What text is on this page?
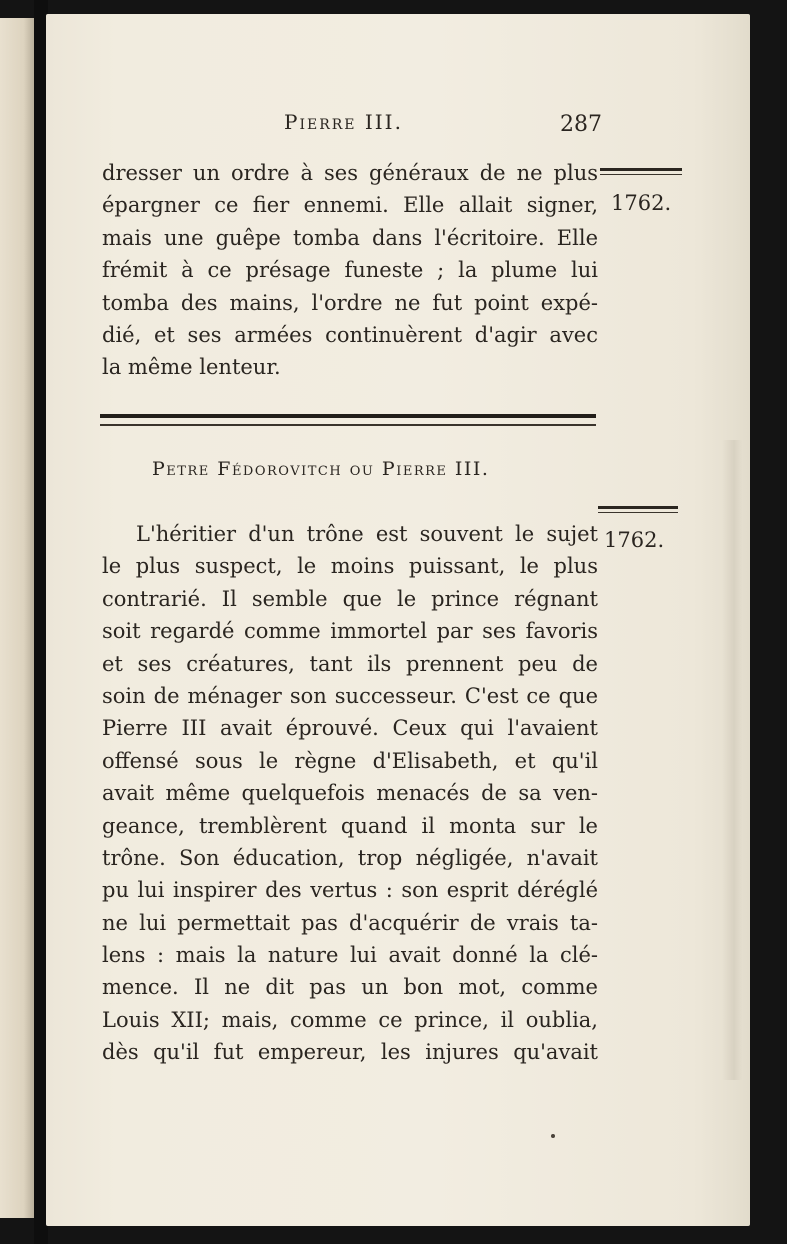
Pierre III.	287
1762.
dresser un ordre à ses généraux de ne plus
épargner ce fier ennemi. Elle allait signer,
mais une guêpe tomba dans l'écritoire. Elle
frémit à ce présage funeste ; la plume lui
tomba des mains, l'ordre ne fut point expé-
dié, et ses armées continuèrent d'agir avec
la même lenteur.
Petre Fédorovitch ou Pierre III.
1762.
L'héritier d'un trône est souvent le sujet
le plus suspect, le moins puissant, le plus
contrarié. Il semble que le prince régnant
soit regardé comme immortel par ses favoris
et ses créatures, tant ils prennent peu de
soin de ménager son successeur. C'est ce que
Pierre III avait éprouvé. Ceux qui l'avaient
offensé sous le règne d'Elisabeth, et qu'il
avait même quelquefois menacés de sa ven-
geance, tremblèrent quand il monta sur le
trône. Son éducation, trop négligée, n'avait
pu lui inspirer des vertus : son esprit déréglé
ne lui permettait pas d'acquérir de vrais ta-
lens : mais la nature lui avait donné la clé-
mence. Il ne dit pas un bon mot, comme
Louis XII; mais, comme ce prince, il oublia,
dès qu'il fut empereur, les injures qu'avait
